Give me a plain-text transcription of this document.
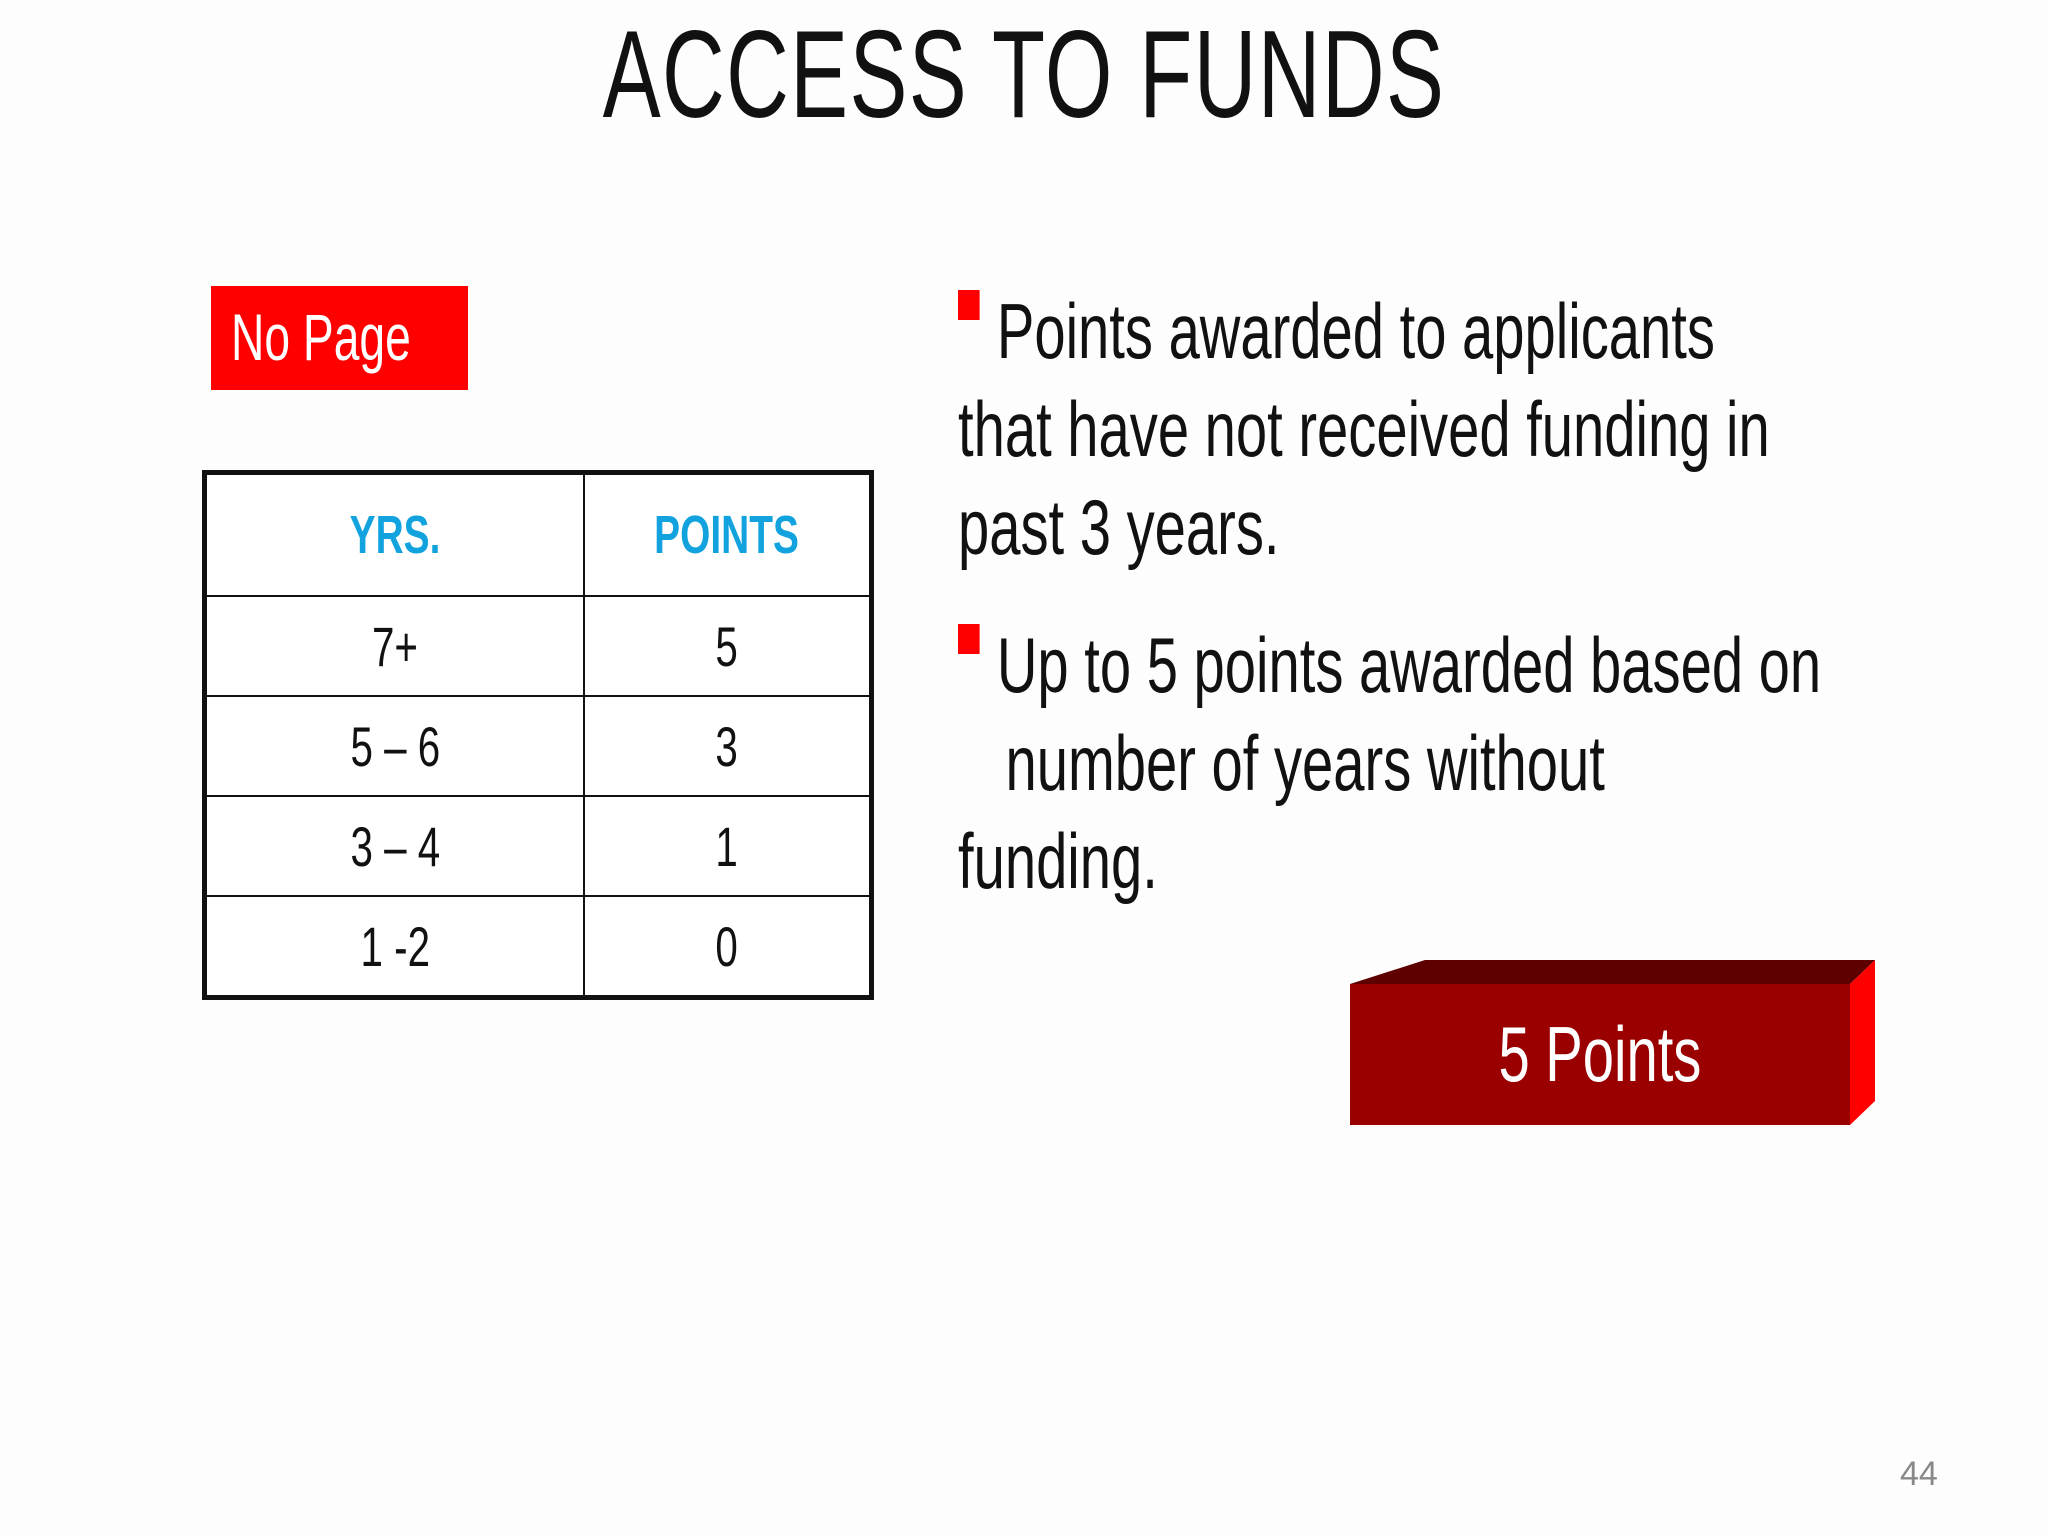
ACCESS TO FUNDS
No Page
YRS.	POINTS
7+	5
5 – 6	3
3 – 4	1
1 -2	0

Points awarded to applicants
that have not received funding in
past 3 years.

Up to 5 points awarded based on
number of years without
funding.

5 Points
44
